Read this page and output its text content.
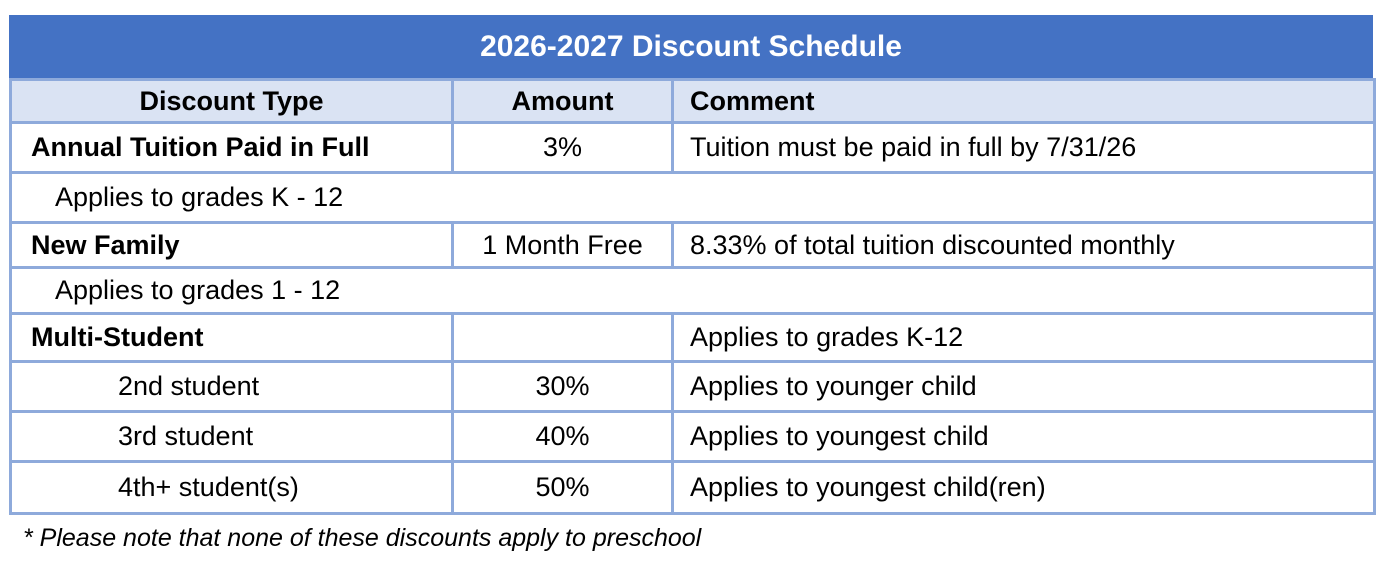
2026-2027 Discount Schedule
Discount Type	Amount	Comment
Annual Tuition Paid in Full	3%	Tuition must be paid in full by 7/31/26
Applies to grades K - 12		
New Family	1 Month Free	8.33% of total tuition discounted monthly
Applies to grades 1 - 12		
Multi-Student		Applies to grades K-12
2nd student	30%	Applies to younger child
3rd student	40%	Applies to youngest child
4th+ student(s)	50%	Applies to youngest child(ren)
* Please note that none of these discounts apply to preschool
